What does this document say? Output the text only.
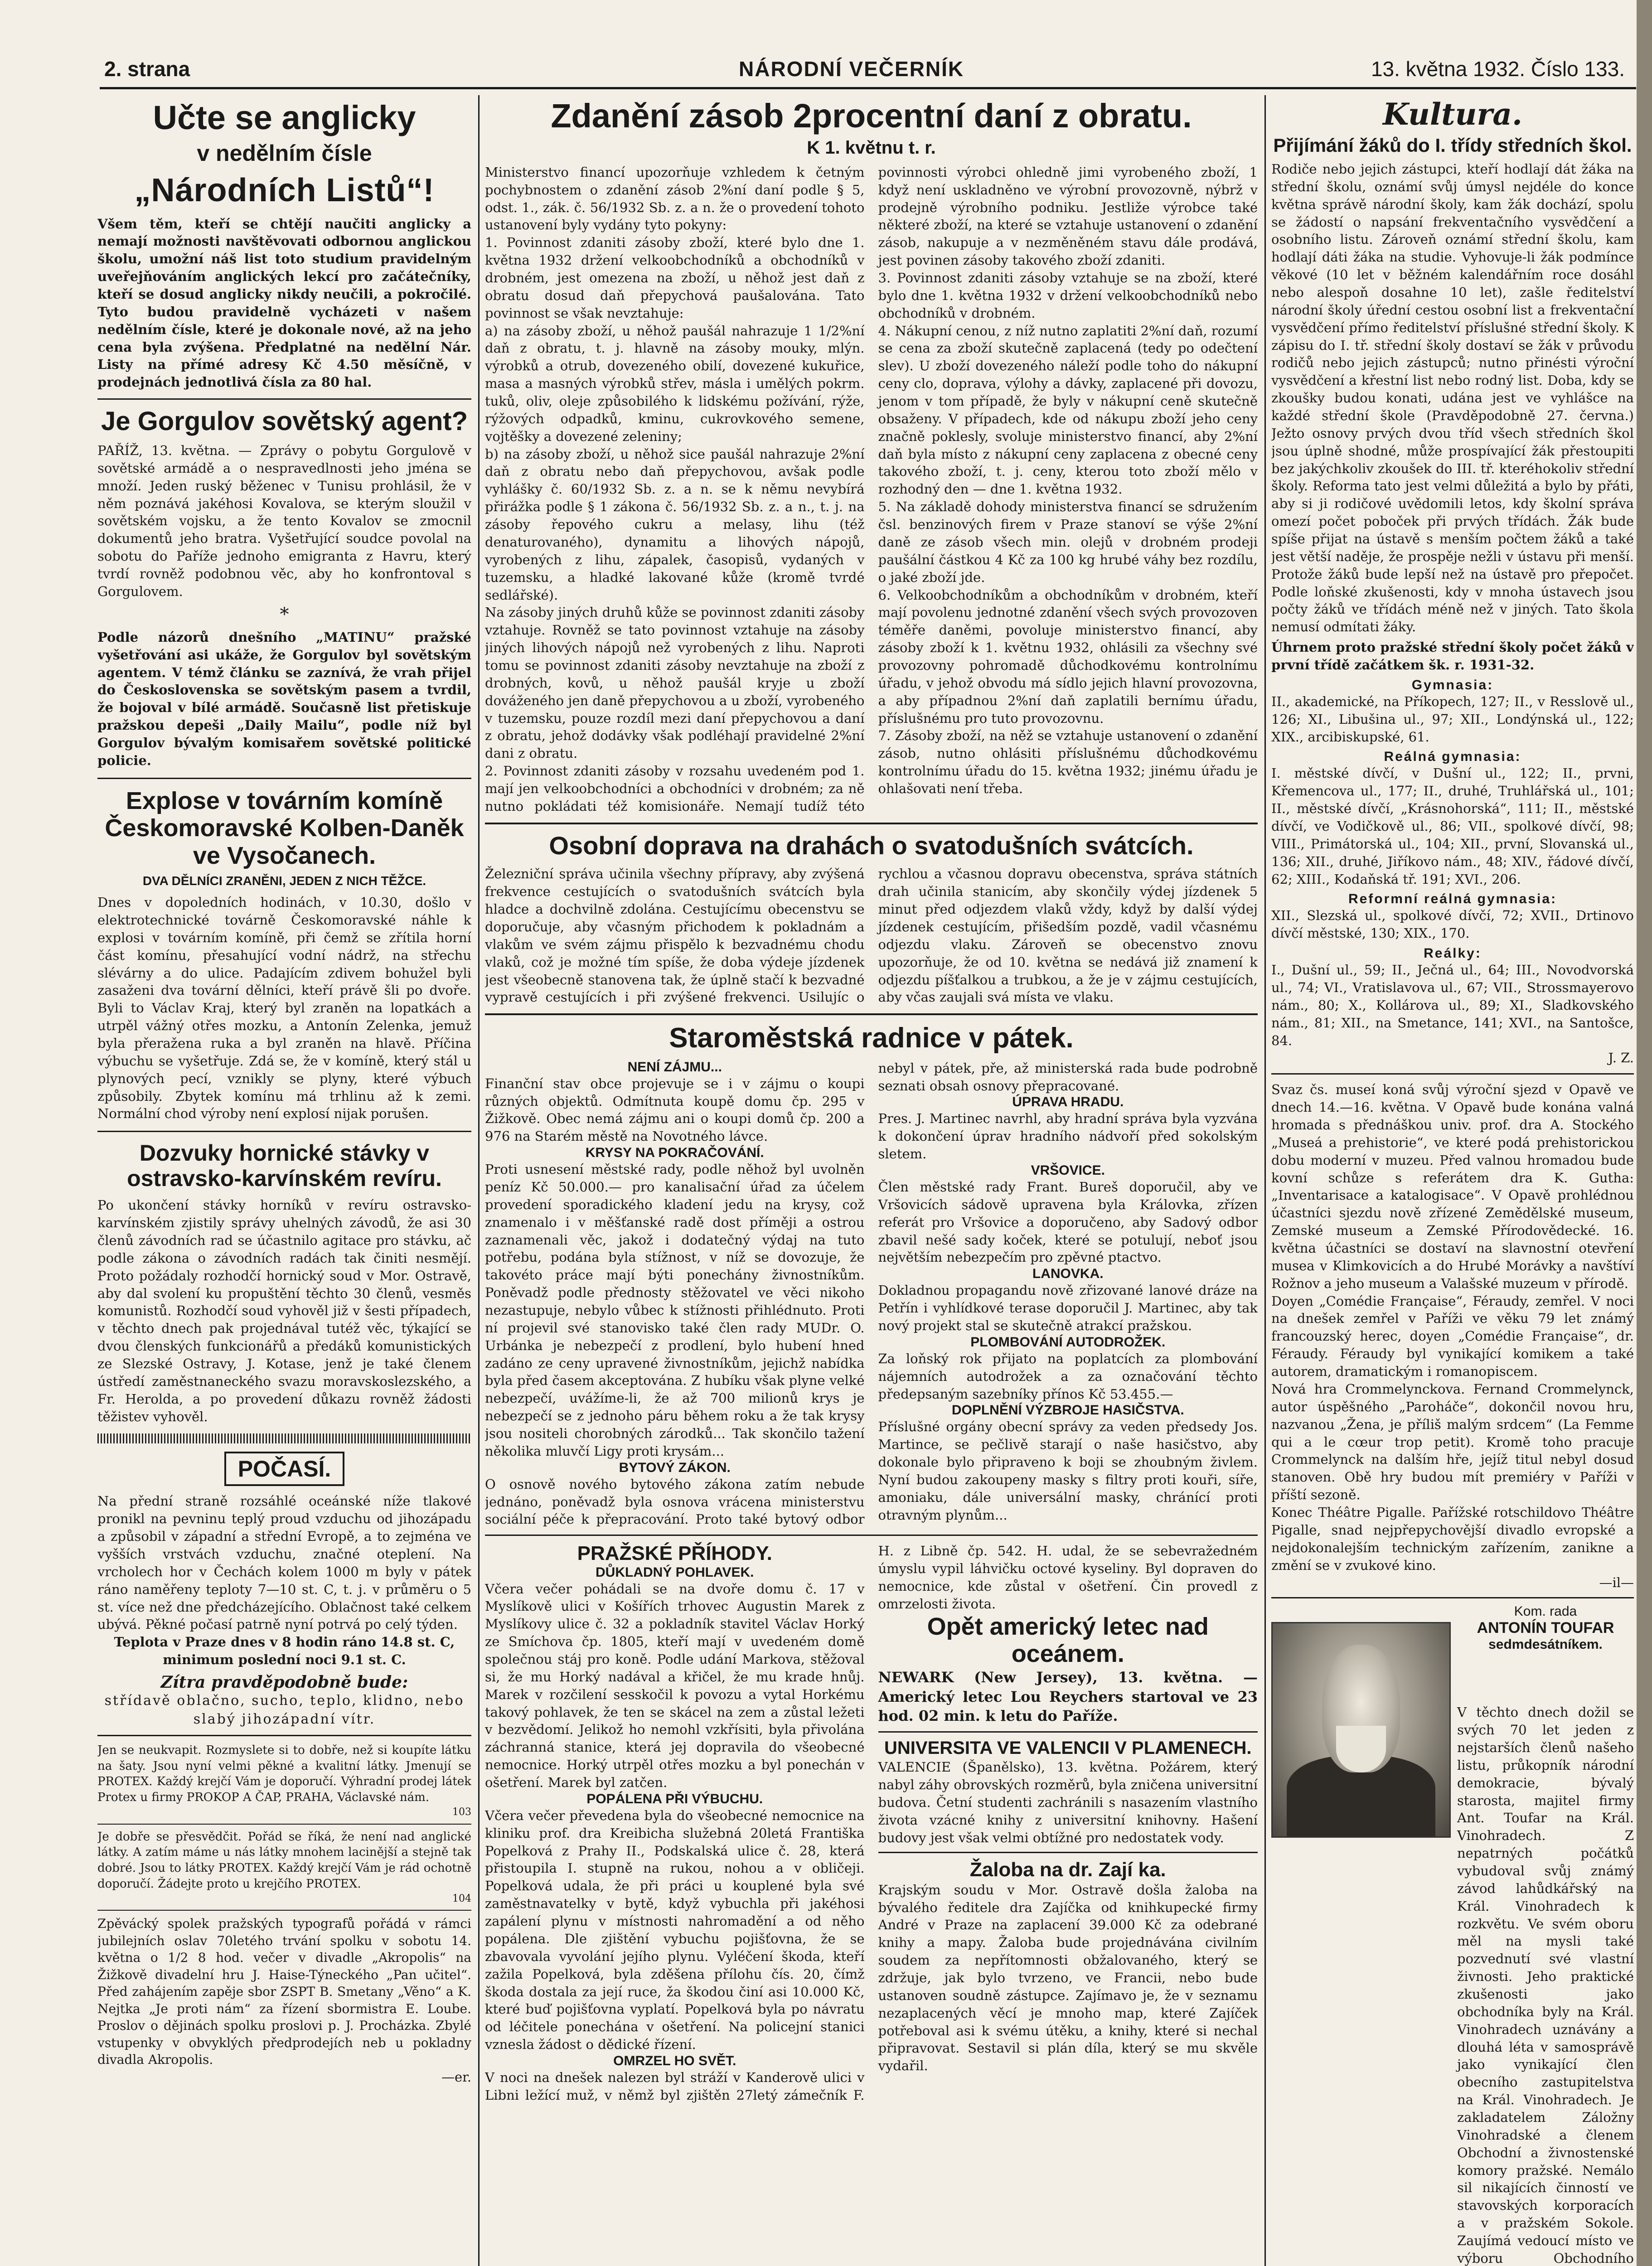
2. strana	NÁRODNÍ VEČERNÍK	13. května 1932. Číslo 133.
Učte se anglicky
v nedělním čísle
„Národních Listů“!
Všem těm, kteří se chtějí naučiti anglicky a nemají možnosti navštěvovati odbornou anglickou školu, umožní náš list toto studium pravidelným uveřejňováním anglických lekcí pro začátečníky, kteří se dosud anglicky nikdy neučili, a pokročilé. Tyto budou pravidelně vycházeti v našem nedělním čísle, které je dokonale nové, až na jeho cena byla zvýšena. Předplatné na nedělní Nár. Listy na přímé adresy Kč 4.50 měsíčně, v prodejnách jednotlivá čísla za 80 hal.
Je Gorgulov sovětský agent?
PAŘÍŽ, 13. května. — Zprávy o pobytu Gorgulově v sovětské armádě a o nespravedlnosti jeho jména se množí. Jeden ruský běženec v Tunisu prohlásil, že v něm poznává jakéhosi Kovalova, se kterým sloužil v sovětském vojsku, a že tento Kovalov se zmocnil dokumentů jeho bratra. Vyšetřující soudce povolal na sobotu do Paříže jednoho emigranta z Havru, který tvrdí rovněž podobnou věc, aby ho konfrontoval s Gorgulovem.
*
Podle názorů dnešního „MATINU“ pražské vyšetřování asi ukáže, že Gorgulov byl sovětským agentem. V témž článku se zaznívá, že vrah přijel do Československa se sovětským pasem a tvrdil, že bojoval v bílé armádě. Současně list přetiskuje pražskou depeši „Daily Mailu“, podle níž byl Gorgulov bývalým komisařem sovětské politické policie.
Explose v továrním komíně Českomoravské Kolben-Daněk ve Vysočanech.
DVA DĚLNÍCI ZRANĚNI, JEDEN Z NICH TĚŽCE.
Dnes v dopoledních hodinách, v 10.30, došlo v elektrotechnické továrně Českomoravské náhle k explosi v továrním komíně, při čemž se zřítila horní část komínu, přesahující vodní nádrž, na střechu slévárny a do ulice. Padajícím zdivem bohužel byli zasaženi dva tovární dělníci, kteří právě šli po dvoře. Byli to Václav Kraj, který byl zraněn na lopatkách a utrpěl vážný otřes mozku, a Antonín Zelenka, jemuž byla přeražena ruka a byl zraněn na hlavě. Příčina výbuchu se vyšetřuje. Zdá se, že v komíně, který stál u plynových pecí, vznikly se plyny, které výbuch způsobily. Zbytek komínu má trhlinu až k zemi. Normální chod výroby není explosí nijak porušen.
Dozvuky hornické stávky v ostravsko-karvínském revíru.
Po ukončení stávky horníků v revíru ostravsko-karvínském zjistily správy uhelných závodů, že asi 30 členů závodních rad se účastnilo agitace pro stávku, ač podle zákona o závodních radách tak činiti nesmějí. Proto požádaly rozhodčí hornický soud v Mor. Ostravě, aby dal svolení ku propuštění těchto 30 členů, vesměs komunistů. Rozhodčí soud vyhověl již v šesti případech, v těchto dnech pak projednával tutéž věc, týkající se dvou členských funkcionářů a předáků komunistických ze Slezské Ostravy, J. Kotase, jenž je také členem ústředí zaměstnaneckého svazu moravskoslezského, a Fr. Herolda, a po provedení důkazu rovněž žádosti těžistev vyhověl.
POČASÍ.
Na přední straně rozsáhlé oceánské níže tlakové pronikl na pevninu teplý proud vzduchu od jihozápadu a způsobil v západní a střední Evropě, a to zejména ve vyšších vrstvách vzduchu, značné oteplení. Na vrcholech hor v Čechách kolem 1000 m byly v pátek ráno naměřeny teploty 7—10 st. C, t. j. v průměru o 5 st. více než dne předcházejícího. Oblačnost také celkem ubývá. Pěkné počasí patrně nyní potrvá po celý týden.
Teplota v Praze dnes v 8 hodin ráno 14.8 st. C, minimum poslední noci 9.1 st. C.
Zítra pravděpodobně bude:
střídavě oblačno, sucho, teplo, klidno, nebo slabý jihozápadní vítr.
Jen se neukvapit. Rozmyslete si to dobře, než si koupíte látku na šaty. Jsou nyní velmi pěkné a kvalitní látky. Jmenují se PROTEX. Každý krejčí Vám je doporučí. Výhradní prodej látek Protex u firmy PROKOP A ČAP, PRAHA, Václavské nám.
103
Je dobře se přesvědčit. Pořád se říká, že není nad anglické látky. A zatím máme u nás látky mnohem lacinější a stejně tak dobré. Jsou to látky PROTEX. Každý krejčí Vám je rád ochotně doporučí. Žádejte proto u krejčího PROTEX.
104
Zpěvácký spolek pražských typografů pořádá v rámci jubilejních oslav 70letého trvání spolku v sobotu 14. května o 1/2 8 hod. večer v divadle „Akropolis“ na Žižkově divadelní hru J. Haise-Týneckého „Pan učitel“. Před zahájením zapěje sbor ZSPT B. Smetany „Věno“ a K. Nejtka „Je proti nám“ za řízení sbormistra E. Loube. Proslov o dějinách spolku proslovi p. J. Procházka. Zbylé vstupenky v obvyklých předprodejích neb u pokladny divadla Akropolis.
—er.
Zdanění zásob 2procentní daní z obratu.
K 1. květnu t. r.
Ministerstvo financí upozorňuje vzhledem k četným pochybnostem o zdanění zásob 2%ní daní podle § 5, odst. 1., zák. č. 56/1932 Sb. z. a n. že o provedení tohoto ustanovení byly vydány tyto pokyny:
1. Povinnost zdaniti zásoby zboží, které bylo dne 1. května 1932 držení velkoobchodníků a obchodníků v drobném, jest omezena na zboží, u něhož jest daň z obratu dosud daň přepychová paušalována. Tato povinnost se však nevztahuje:
a) na zásoby zboží, u něhož paušál nahrazuje 1 1/2%ní daň z obratu, t. j. hlavně na zásoby mouky, mlýn. výrobků a otrub, dovezeného obilí, dovezené kukuřice, masa a masných výrobků střev, másla i umělých pokrm. tuků, oliv, oleje způsobilého k lidskému požívání, rýže, rýžových odpadků, kminu, cukrovkového semene, vojtěšky a dovezené zeleniny;
b) na zásoby zboží, u něhož sice paušál nahrazuje 2%ní daň z obratu nebo daň přepychovou, avšak podle vyhlášky č. 60/1932 Sb. z. a n. se k němu nevybírá přirážka podle § 1 zákona č. 56/1932 Sb. z. a n., t. j. na zásoby řepového cukru a melasy, lihu (též denaturovaného), dynamitu a lihových nápojů, vyrobených z lihu, zápalek, časopisů, vydaných v tuzemsku, a hladké lakované kůže (kromě tvrdé sedlářské).
Na zásoby jiných druhů kůže se povinnost zdaniti zásoby vztahuje. Rovněž se tato povinnost vztahuje na zásoby jiných lihových nápojů než vyrobených z lihu. Naproti tomu se povinnost zdaniti zásoby nevztahuje na zboží z drobných, kovů, u něhož paušál kryje u zboží dováženého jen daně přepychovou a u zboží, vyrobeného v tuzemsku, pouze rozdíl mezi daní přepychovou a daní z obratu, jehož dodávky však podléhají pravidelné 2%ní dani z obratu.
2. Povinnost zdaniti zásoby v rozsahu uvedeném pod 1. mají jen velkoobchodníci a obchodníci v drobném; za ně nutno pokládati též komisionáře. Nemají tudíž této povinnosti výrobci ohledně jimi vyrobeného zboží, 1 když není uskladněno ve výrobní provozovně, nýbrž v prodejně výrobního podniku. Jestliže výrobce také některé zboží, na které se vztahuje ustanovení o zdanění zásob, nakupuje a v nezměněném stavu dále prodává, jest povinen zásoby takového zboží zdaniti.
3. Povinnost zdaniti zásoby vztahuje se na zboží, které bylo dne 1. května 1932 v držení velkoobchodníků nebo obchodníků v drobném.
4. Nákupní cenou, z níž nutno zaplatiti 2%ní daň, rozumí se cena za zboží skutečně zaplacená (tedy po odečtení slev). U zboží dovezeného náleží podle toho do nákupní ceny clo, doprava, výlohy a dávky, zaplacené při dovozu, jenom v tom případě, že byly v nákupní ceně skutečně obsaženy. V případech, kde od nákupu zboží jeho ceny značně poklesly, svoluje ministerstvo financí, aby 2%ní daň byla místo z nákupní ceny zaplacena z obecné ceny takového zboží, t. j. ceny, kterou toto zboží mělo v rozhodný den — dne 1. května 1932.
5. Na základě dohody ministerstva financí se sdružením čsl. benzinových firem v Praze stanoví se výše 2%ní daně ze zásob všech min. olejů v drobném prodeji paušální částkou 4 Kč za 100 kg hrubé váhy bez rozdílu, o jaké zboží jde.
6. Velkoobchodníkům a obchodníkům v drobném, kteří mají povolenu jednotné zdanění všech svých provozoven téměře daněmi, povoluje ministerstvo financí, aby zásoby zboží k 1. květnu 1932, ohlásili za všechny své provozovny pohromadě důchodkovému kontrolnímu úřadu, v jehož obvodu má sídlo jejich hlavní provozovna, a aby případnou 2%ní daň zaplatili bernímu úřadu, příslušnému pro tuto provozovnu.
7. Zásoby zboží, na něž se vztahuje ustanovení o zdanění zásob, nutno ohlásiti příslušnému důchodkovému kontrolnímu úřadu do 15. května 1932; jinému úřadu je ohlašovati není třeba.
Osobní doprava na drahách o svatodušních svátcích.
Železniční správa učinila všechny přípravy, aby zvýšená frekvence cestujících o svatodušních svátcích byla hladce a dochvilně zdolána. Cestujícímu obecenstvu se doporučuje, aby včasným přichodem k pokladnám a vlakům ve svém zájmu přispělo k bezvadnému chodu vlaků, což je možné tím spíše, že doba výdeje jízdenek jest všeobecně stanovena tak, že úplně stačí k bezvadné vypravě cestujících i při zvýšené frekvenci. Usilujíc o rychlou a včasnou dopravu obecenstva, správa státních drah učinila stanicím, aby skončily výdej jízdenek 5 minut před odjezdem vlaků vždy, když by další výdej jízdenek cestujícím, přišedším pozdě, vadil včasnému odjezdu vlaku. Zároveň se obecenstvo znovu upozorňuje, že od 10. května se nedává již znamení k odjezdu píšťalkou a trubkou, a že je v zájmu cestujících, aby včas zaujali svá místa ve vlaku.
Staroměstská radnice v pátek.
NENÍ ZÁJMU...
Finanční stav obce projevuje se i v zájmu o koupi různých objektů. Odmítnuta koupě domu čp. 295 v Žižkově. Obec nemá zájmu ani o koupi domů čp. 200 a 976 na Starém městě na Novotného lávce.
KRYSY NA POKRAČOVÁNÍ.
Proti usnesení městské rady, podle něhož byl uvolněn peníz Kč 50.000.— pro kanalisační úřad za účelem provedení sporadického kladení jedu na krysy, což znamenalo i v měšťanské radě dost příměji a ostrou zaznamenali věc, jakož i dodatečný výdaj na tuto potřebu, podána byla stížnost, v níž se dovozuje, že takovéto práce mají býti ponechány živnostníkům. Poněvadž podle přednosty stěžovatel ve věci nikoho nezastupuje, nebylo vůbec k stížnosti přihlédnuto. Proti ní projevil své stanovisko také člen rady MUDr. O. Urbánka je nebezpečí z prodlení, bylo hubení hned zadáno ze ceny upravené živnostníkům, jejichž nabídka byla před časem akceptována. Z hubíku však plyne velké nebezpečí, uvážíme-li, že až 700 milionů krys je nebezpečí se z jednoho páru během roku a že tak krysy jsou nositeli chorobných zárodků... Tak skončilo tažení několika mluvčí Ligy proti krysám...
BYTOVÝ ZÁKON.
O osnově nového bytového zákona zatím nebude jednáno, poněvadž byla osnova vrácena ministerstvu sociální péče k přepracování. Proto také bytový odbor nebyl v pátek, pře, až ministerská rada bude podrobně seznati obsah osnovy přepracované.
ÚPRAVA HRADU.
Pres. J. Martinec navrhl, aby hradní správa byla vyzvána k dokončení úprav hradního nádvoří před sokolským sletem.
VRŠOVICE.
Člen městské rady Frant. Bureš doporučil, aby ve Vršovicích sádově upravena byla Královka, zřízen referát pro Vršovice a doporučeno, aby Sadový odbor zbavil nešé sady koček, které se potulují, neboť jsou největším nebezpečím pro zpěvné ptactvo.
LANOVKA.
Dokladnou propagandu nově zřizované lanové dráze na Petřín i vyhlídkové terase doporučil J. Martinec, aby tak nový projekt stal se skutečně atrakcí pražskou.
PLOMBOVÁNÍ AUTODROŽEK.
Za loňský rok přijato na poplatcích za plombování nájemních autodrožek a za označování těchto předepsaným sazebníky přínos Kč 53.455.—
DOPLNĚNÍ VÝZBROJE HASIČSTVA.
Příslušné orgány obecní správy za veden předsedy Jos. Martince, se pečlivě starají o naše hasičstvo, aby dokonale bylo připraveno k boji se zhoubným živlem. Nyní budou zakoupeny masky s filtry proti kouři, síře, amoniaku, dále universální masky, chránící proti otravným plynům...
PRAŽSKÉ PŘÍHODY.
DŮKLADNÝ POHLAVEK.
Včera večer pohádali se na dvoře domu č. 17 v Myslíkově ulici v Košířích trhovec Augustin Marek z Myslíkovy ulice č. 32 a pokladník stavitel Václav Horký ze Smíchova čp. 1805, kteří mají v uvedeném domě společnou stáj pro koně. Podle udání Markova, stěžoval si, že mu Horký nadával a křičel, že mu krade hnůj. Marek v rozčilení sesskočil k povozu a vytal Horkému takový pohlavek, že ten se skácel na zem a zůstal ležeti v bezvědomí. Jelikož ho nemohl vzkřísiti, byla přivolána záchranná stanice, která jej dopravila do všeobecné nemocnice. Horký utrpěl otřes mozku a byl ponechán v ošetření. Marek byl zatčen.
POPÁLENA PŘI VÝBUCHU.
Včera večer převedena byla do všeobecné nemocnice na kliniku prof. dra Kreibicha služebná 20letá Františka Popelková z Prahy II., Podskalská ulice č. 28, která přistoupila I. stupně na rukou, nohou a v obličeji. Popelková udala, že při práci u kouplené byla své zaměstnavatelky v bytě, když vybuchla při jakéhosi zapálení plynu v místnosti nahromadění a od něho popálena. Dle zjištění vybuchu pojišťovna, že se zbavovala vyvolání jejího plynu. Vyléčení škoda, kteří zažila Popelková, byla zděšena přílohu čís. 20, čímž škoda dostala za její ruce, ža škodou činí asi 10.000 Kč, které buď pojišťovna vyplatí. Popelková byla po návratu od léčitele ponechána v ošetření. Na policejní stanici vznesla žádost o dědické řízení.
OMRZEL HO SVĚT.
V noci na dnešek nalezen byl stráží v Kanderově ulici v Libni ležící muž, v němž byl zjištěn 27letý zámečník F. H. z Libně čp. 542. H. udal, že se sebevražedném úmyslu vypil láhvičku octové kyseliny. Byl dopraven do nemocnice, kde zůstal v ošetření. Čin provedl z omrzelosti života.
Opět americký letec nad oceánem.
NEWARK (New Jersey), 13. května. — Americký letec Lou Reychers startoval ve 23 hod. 02 min. k letu do Paříže.
UNIVERSITA VE VALENCII V PLAMENECH.
VALENCIE (Španělsko), 13. května. Požárem, který nabyl záhy obrovských rozměrů, byla zničena universitní budova. Četní studenti zachránili s nasazením vlastního života vzácné knihy z universitní knihovny. Hašení budovy jest však velmi obtížné pro nedostatek vody.
Žaloba na dr. Zají ka.
Krajským soudu v Mor. Ostravě došla žaloba na bývalého ředitele dra Zajíčka od knihkupecké firmy André v Praze na zaplacení 39.000 Kč za odebrané knihy a mapy. Žaloba bude projednávána civilním soudem za nepřítomnosti obžalovaného, který se zdržuje, jak bylo tvrzeno, ve Francii, nebo bude ustanoven soudně zástupce. Zajímavo je, že v seznamu nezaplacených věcí je mnoho map, které Zajíček potřeboval asi k svému útěku, a knihy, které si nechal připravovat. Sestavil si plán díla, který se mu skvěle vydařil.
Kultura.
Přijímání žáků do I. třídy středních škol.
Rodiče nebo jejich zástupci, kteří hodlají dát žáka na střední školu, oznámí svůj úmysl nejdéle do konce května správě národní školy, kam žák dochází, spolu se žádostí o napsání frekventačního vysvědčení a osobního listu. Zároveň oznámí střední školu, kam hodlají dáti žáka na studie. Vyhovuje-li žák podmínce věkové (10 let v běžném kalendářním roce dosáhl nebo alespoň dosahne 10 let), zašle ředitelství národní školy úřední cestou osobní list a frekventační vysvědčení přímo ředitelství příslušné střední školy. K zápisu do I. tř. střední školy dostaví se žák v průvodu rodičů nebo jejich zástupců; nutno přinésti výroční vysvědčení a křestní list nebo rodný list. Doba, kdy se zkoušky budou konati, udána jest ve vyhlášce na každé střední škole (Pravděpodobně 27. června.) Ježto osnovy prvých dvou tříd všech středních škol jsou úplně shodné, může prospívající žák přestoupiti bez jakýchkoliv zkoušek do III. tř. kteréhokoliv střední školy. Reforma tato jest velmi důležitá a bylo by přáti, aby si ji rodičové uvědomili letos, kdy školní správa omezí počet poboček při prvých třídách. Žák bude spíše přijat na ústavě s menším počtem žáků a také jest větší naděje, že prospěje nežli v ústavu při menší. Protože žáků bude lepší než na ústavě pro přepočet. Podle loňské zkušenosti, kdy v mnoha ústavech jsou počty žáků ve třídách méně než v jiných. Tato škola nemusí odmítati žáky.
Úhrnem proto pražské střední školy počet žáků v první třídě začátkem šk. r. 1931-32.
Gymnasia:
II., akademické, na Příkopech, 127; II., v Resslově ul., 126; XI., Libušina ul., 97; XII., Londýnská ul., 122; XIX., arcibiskupské, 61.
Reálná gymnasia:
I. městské dívčí, v Dušní ul., 122; II., prvni, Křemencova ul., 177; II., druhé, Truhlářská ul., 101; II., městské dívčí, „Krásnohorská“, 111; II., městské dívčí, ve Vodičkově ul., 86; VII., spolkové dívčí, 98; VIII., Primátorská ul., 104; XII., první, Slovanská ul., 136; XII., druhé, Jiříkovo nám., 48; XIV., řádové dívčí, 62; XIII., Kodaňská tř. 191; XVI., 206.
Reformní reálná gymnasia:
XII., Slezská ul., spolkové dívčí, 72; XVII., Drtinovo dívčí městské, 130; XIX., 170.
Reálky:
I., Dušní ul., 59; II., Ječná ul., 64; III., Novodvorská ul., 74; VI., Vratislavova ul., 67; VII., Strossmayerovo nám., 80; X., Kollárova ul., 89; XI., Sladkovského nám., 81; XII., na Smetance, 141; XVI., na Santošce, 84.
J. Z.
Svaz čs. museí koná svůj výroční sjezd v Opavě ve dnech 14.—16. května. V Opavě bude konána valná hromada s přednáškou univ. prof. dra A. Stockého „Museá a prehistorie“, ve které podá prehistorickou dobu moderní v muzeu. Před valnou hromadou bude kovní schůze s referátem dra K. Gutha: „Inventarisace a katalogisace“. V Opavě prohlédnou účastníci sjezdu nově zřízené Zemědělské museum, Zemské museum a Zemské Přírodovědecké. 16. května účastníci se dostaví na slavnostní otevření musea v Klimkovicích a do Hrubé Morávky a navštíví Rožnov a jeho museum a Valašské muzeum v přírodě.
Doyen „Comédie Française“, Féraudy, zemřel. V noci na dnešek zemřel v Paříži ve věku 79 let známý francouzský herec, doyen „Comédie Française“, dr. Féraudy. Féraudy byl vynikající komikem a také autorem, dramatickým i romanopiscem.
Nová hra Crommelynckova. Fernand Crommelynck, autor úspěšného „Paroháče“, dokončil novou hru, nazvanou „Žena, je příliš malým srdcem“ (La Femme qui a le cœur trop petit). Kromě toho pracuje Crommelynck na dalším hře, jejíž titul nebyl dosud stanoven. Obě hry budou mít premiéry v Paříži v příští sezoně.
Konec Théâtre Pigalle. Pařížské rotschildovo Théâtre Pigalle, snad nejpřepychovější divadlo evropské a nejdokonalejším technickým zařízením, zanikne a změní se v zvukové kino.
—il—
Kom. rada
ANTONÍN TOUFAR
sedmdesátníkem.
V těchto dnech dožil se svých 70 let jeden z nejstarších členů našeho listu, průkopník národní demokracie, bývalý starosta, majitel firmy Ant. Toufar na Král. Vinohradech. Z nepatrných počátků vybudoval svůj známý závod lahůdkářský na Král. Vinohradech k rozkvětu. Ve svém oboru měl na mysli také pozvednutí své vlastní živnosti. Jeho praktické zkušenosti jako obchodníka byly na Král. Vinohradech uznávány a dlouhá léta v samosprávě jako vynikající člen obecního zastupitelstva na Král. Vinohradech. Je zakladatelem Záložny Vinohradské a členem Obchodní a živnostenské komory pražské. Nemálo sil nikajících činností ve stavovských korporacích a v pražském Sokole. Zaujímá vedoucí místo ve výboru Obchodního
